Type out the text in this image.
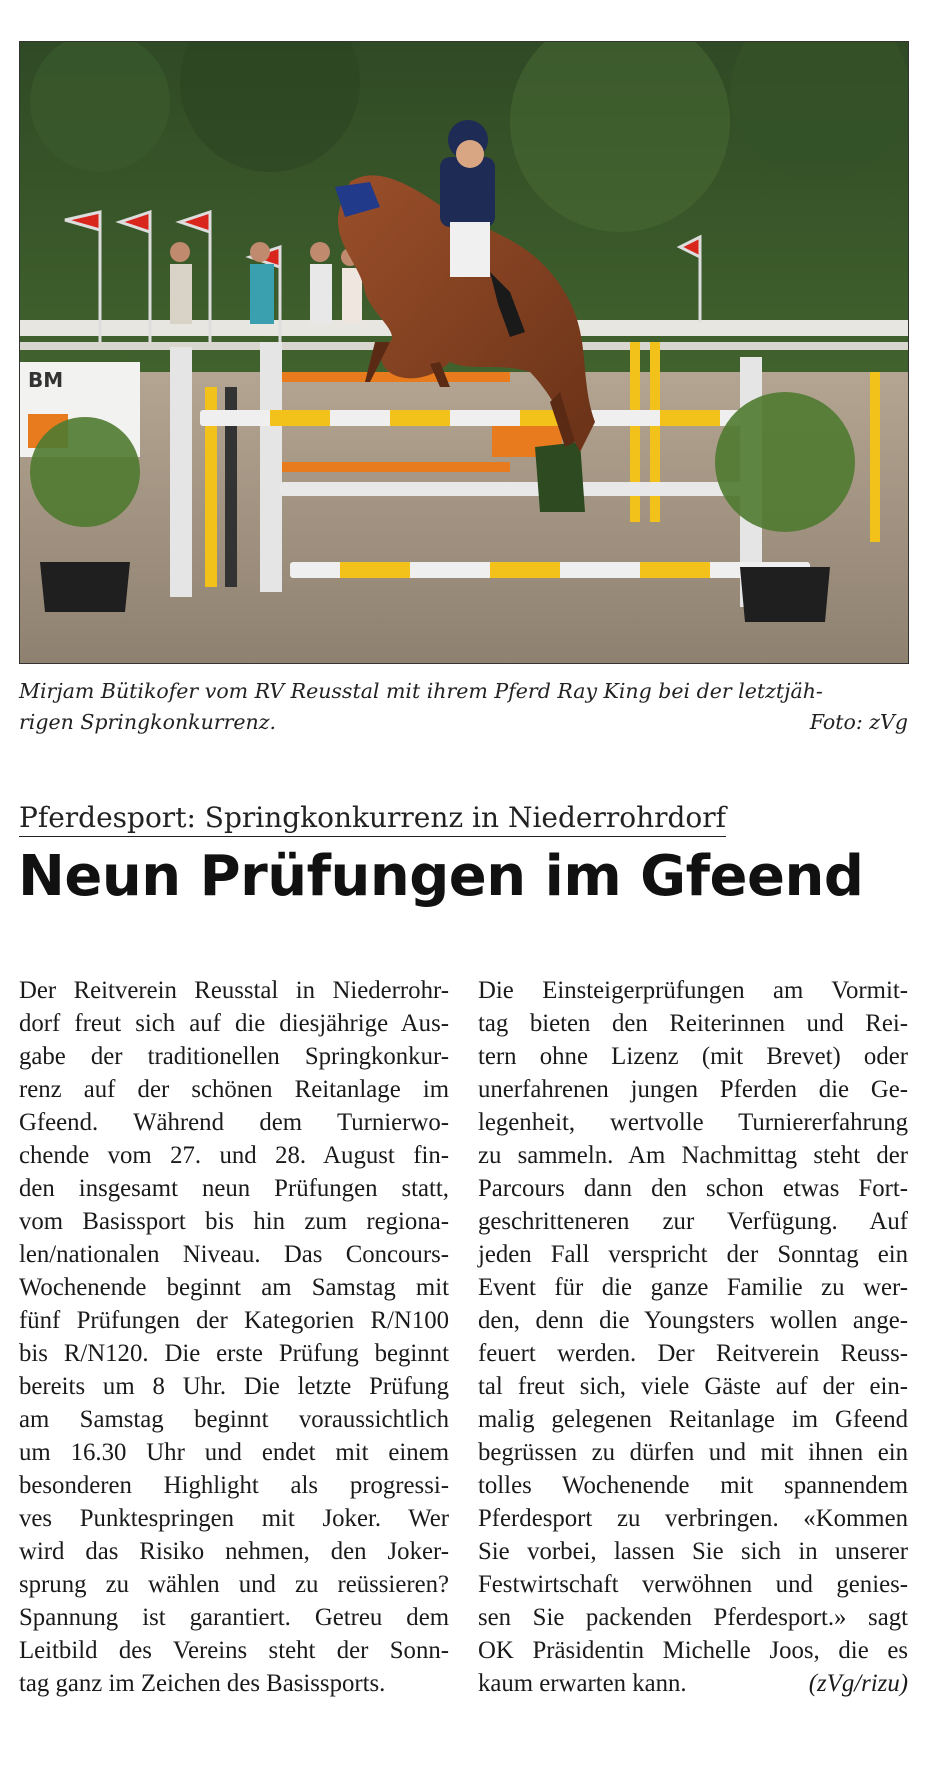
BM
Mirjam Bütikofer vom RV Reusstal mit ihrem Pferd Ray King bei der letztjäh-
rigen Springkonkurrenz.	Foto: zVg
Pferdesport: Springkonkurrenz in Niederrohrdorf
Neun Prüfungen im Gfeend
Der Reitverein Reusstal in Niederrohr-
dorf freut sich auf die diesjährige Aus-
gabe der traditionellen Springkonkur-
renz auf der schönen Reitanlage im
Gfeend. Während dem Turnierwo-
chende vom 27. und 28. August fin-
den insgesamt neun Prüfungen statt,
vom Basissport bis hin zum regiona-
len/nationalen Niveau. Das Concours-
Wochenende beginnt am Samstag mit
fünf Prüfungen der Kategorien R/N100
bis R/N120. Die erste Prüfung beginnt
bereits um 8 Uhr. Die letzte Prüfung
am Samstag beginnt voraussichtlich
um 16.30 Uhr und endet mit einem
besonderen Highlight als progressi-
ves Punktespringen mit Joker. Wer
wird das Risiko nehmen, den Joker-
sprung zu wählen und zu reüssieren?
Spannung ist garantiert. Getreu dem
Leitbild des Vereins steht der Sonn-
tag ganz im Zeichen des Basissports.
Die Einsteigerprüfungen am Vormit-
tag bieten den Reiterinnen und Rei-
tern ohne Lizenz (mit Brevet) oder
unerfahrenen jungen Pferden die Ge-
legenheit, wertvolle Turniererfahrung
zu sammeln. Am Nachmittag steht der
Parcours dann den schon etwas Fort-
geschritteneren zur Verfügung. Auf
jeden Fall verspricht der Sonntag ein
Event für die ganze Familie zu wer-
den, denn die Youngsters wollen ange-
feuert werden. Der Reitverein Reuss-
tal freut sich, viele Gäste auf der ein-
malig gelegenen Reitanlage im Gfeend
begrüssen zu dürfen und mit ihnen ein
tolles Wochenende mit spannendem
Pferdesport zu verbringen. «Kommen
Sie vorbei, lassen Sie sich in unserer
Festwirtschaft verwöhnen und genies-
sen Sie packenden Pferdesport.» sagt
OK Präsidentin Michelle Joos, die es
kaum erwarten kann.	(zVg/rizu)
